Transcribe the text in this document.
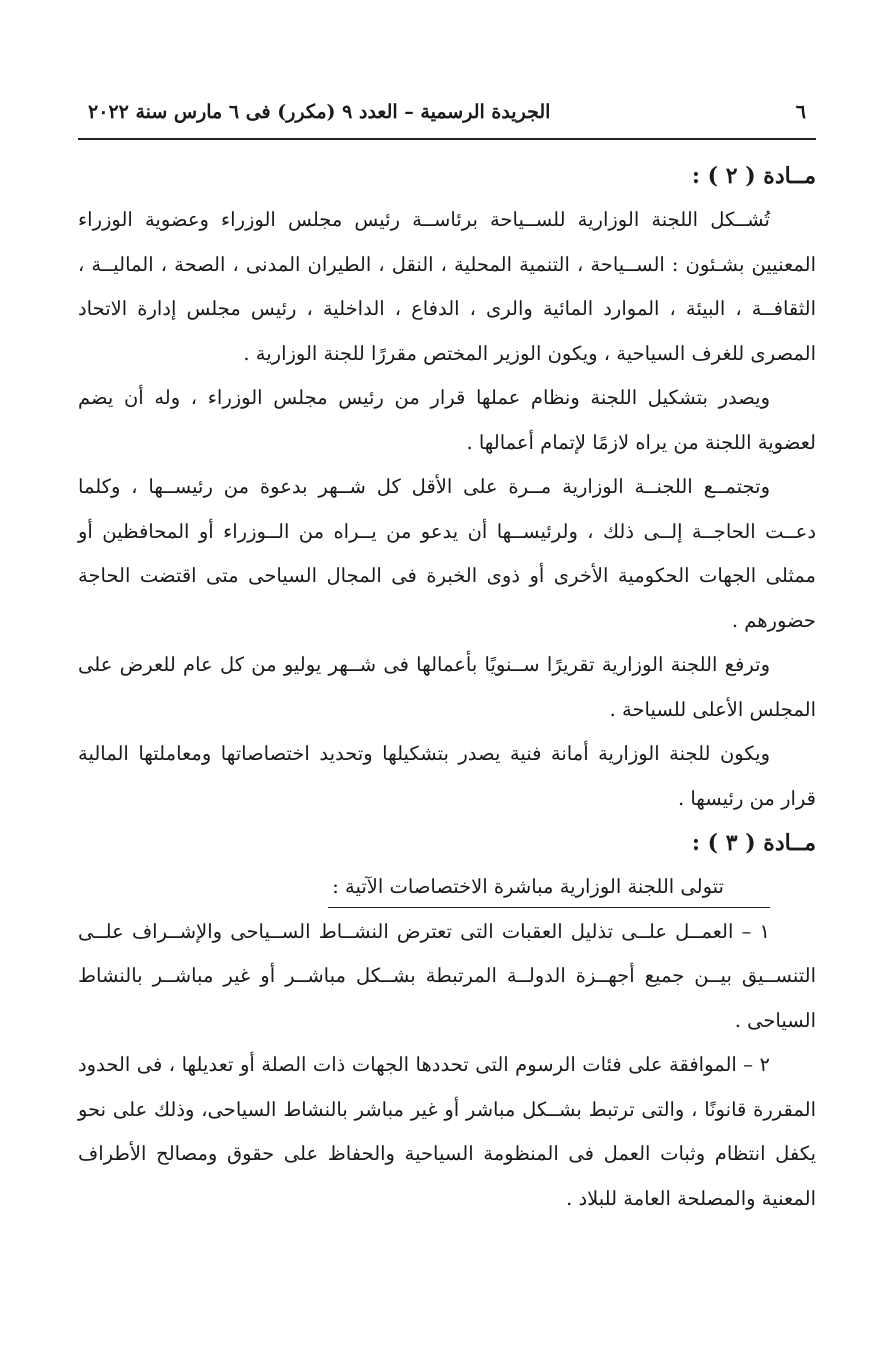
٦
الجريدة الرسمية – العدد ٩ (مكرر) فى ٦ مارس سنة ٢٠٢٢

مــادة ( ٢ ) :

تُشــكل اللجنة الوزارية للســياحة برئاســة رئيس مجلس الوزراء وعضوية الوزراء المعنيين بشـئون : الســياحة ، التنمية المحلية ، النقل ، الطيران المدنى ، الصحة ، الماليــة ، الثقافــة ، البيئة ، الموارد المائية والرى ، الدفاع ، الداخلية ، رئيس مجلس إدارة الاتحاد المصرى للغرف السياحية ، ويكون الوزير المختص مقررًا للجنة الوزارية .

ويصدر بتشكيل اللجنة ونظام عملها قرار من رئيس مجلس الوزراء ، وله أن يضم لعضوية اللجنة من يراه لازمًا لإتمام أعمالها .

وتجتمــع اللجنــة الوزارية مــرة على الأقل كل شــهر بدعوة من رئيســها ، وكلما دعــت الحاجــة إلــى ذلك ، ولرئيســها أن يدعو من يــراه من الــوزراء أو المحافظين أو ممثلى الجهات الحكومية الأخرى أو ذوى الخبرة فى المجال السياحى متى اقتضت الحاجة حضورهم .

وترفع اللجنة الوزارية تقريرًا ســنويًا بأعمالها فى شــهر يوليو من كل عام للعرض على المجلس الأعلى للسياحة .

ويكون للجنة الوزارية أمانة فنية يصدر بتشكيلها وتحديد اختصاصاتها ومعاملتها المالية قرار من رئيسها .

مــادة ( ٣ ) :

تتولى اللجنة الوزارية مباشرة الاختصاصات الآتية :

١ – العمــل علــى تذليل العقبات التى تعترض النشــاط الســياحى والإشــراف علــى التنســيق بيــن جميع أجهــزة الدولــة المرتبطة بشــكل مباشــر أو غير مباشــر بالنشاط السياحى .

٢ – الموافقة على فئات الرسوم التى تحددها الجهات ذات الصلة أو تعديلها ، فى الحدود المقررة قانونًا ، والتى ترتبط بشــكل مباشر أو غير مباشر بالنشاط السياحى، وذلك على نحو يكفل انتظام وثبات العمل فى المنظومة السياحية والحفاظ على حقوق ومصالح الأطراف المعنية والمصلحة العامة للبلاد .
